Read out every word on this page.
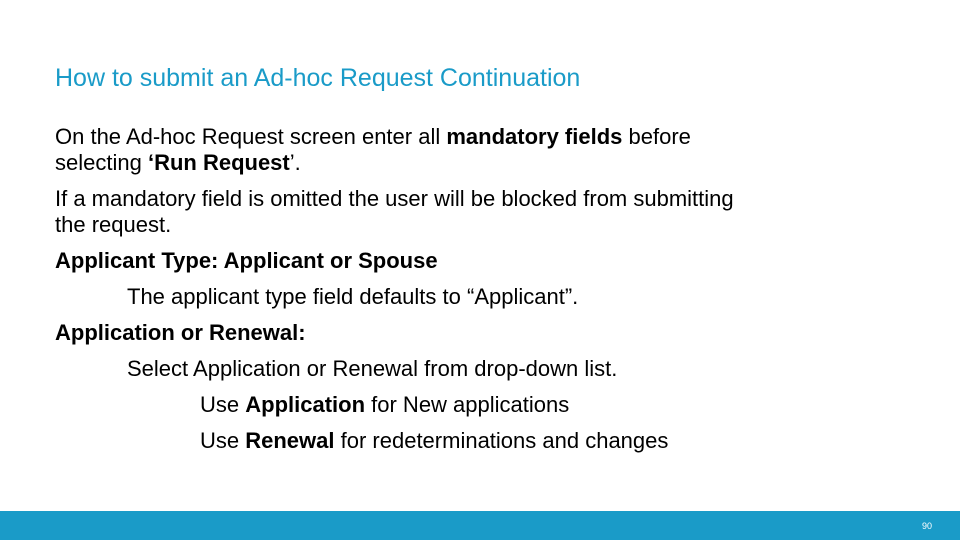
How to submit an Ad-hoc Request Continuation
On the Ad-hoc Request screen enter all mandatory fields before
selecting ‘Run Request’.
If a mandatory field is omitted the user will be blocked from submitting
the request.
Applicant Type: Applicant or Spouse
The applicant type field defaults to “Applicant”.
Application or Renewal:
Select Application or Renewal from drop-down list.
Use Application for New applications
Use Renewal for redeterminations and changes
90
